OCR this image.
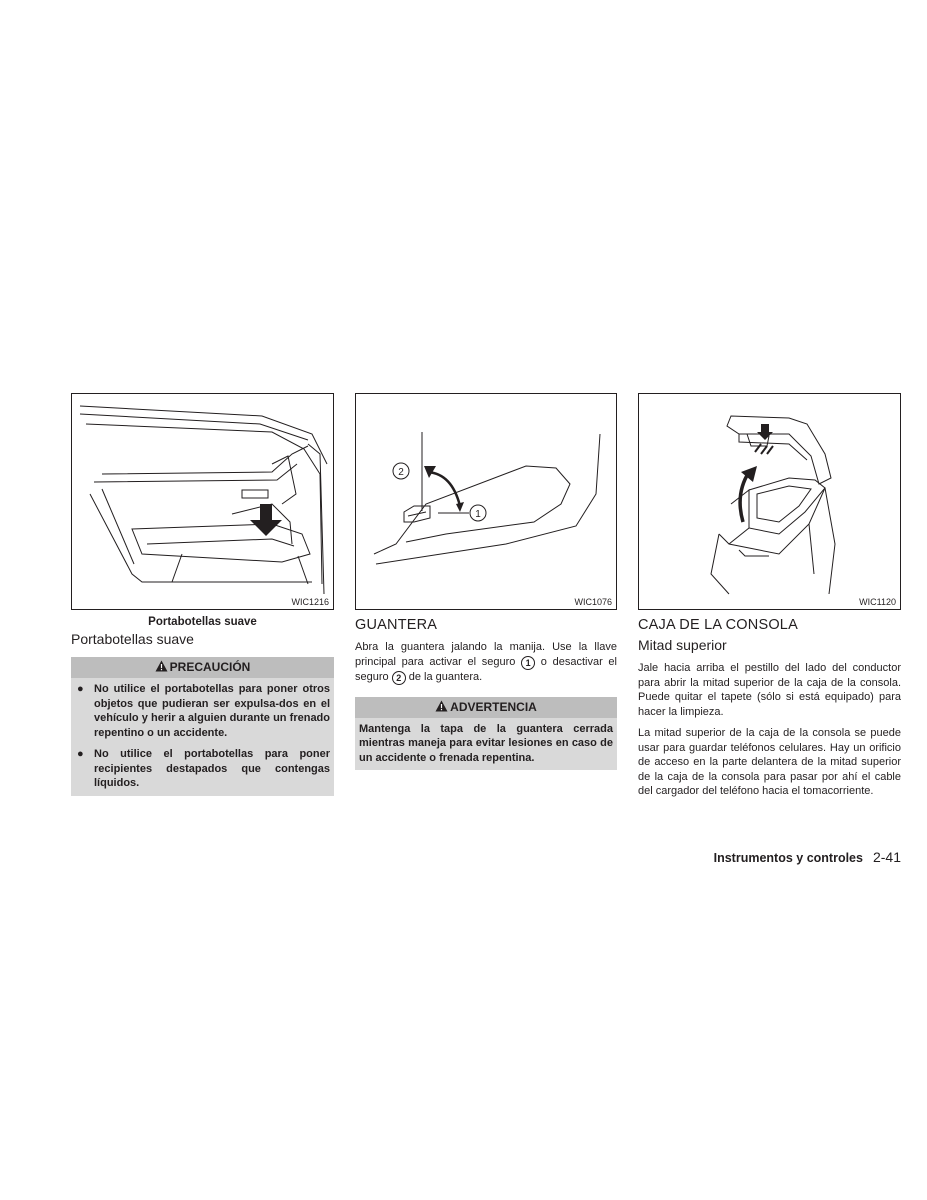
WIC1216
Portabotellas suave
Portabotellas suave
PRECAUCIÓN
● No utilice el portabotellas para poner otros objetos que pudieran ser expulsa-dos en el vehículo y herir a alguien durante un frenado repentino o un accidente.
● No utilice el portabotellas para poner recipientes destapados que contengas líquidos.
2
1
WIC1076
GUANTERA

Abra la guantera jalando la manija. Use la llave principal para activar el seguro 1 o desactivar el seguro 2 de la guantera.

ADVERTENCIA
Mantenga la tapa de la guantera cerrada mientras maneja para evitar lesiones en caso de un accidente o frenada repentina.
WIC1120
CAJA DE LA CONSOLA
Mitad superior

Jale hacia arriba el pestillo del lado del conductor para abrir la mitad superior de la caja de la consola. Puede quitar el tapete (sólo si está equipado) para hacer la limpieza.

La mitad superior de la caja de la consola se puede usar para guardar teléfonos celulares. Hay un orificio de acceso en la parte delantera de la mitad superior de la caja de la consola para pasar por ahí el cable del cargador del teléfono hacia el tomacorriente.

Instrumentos y controles 2-41
